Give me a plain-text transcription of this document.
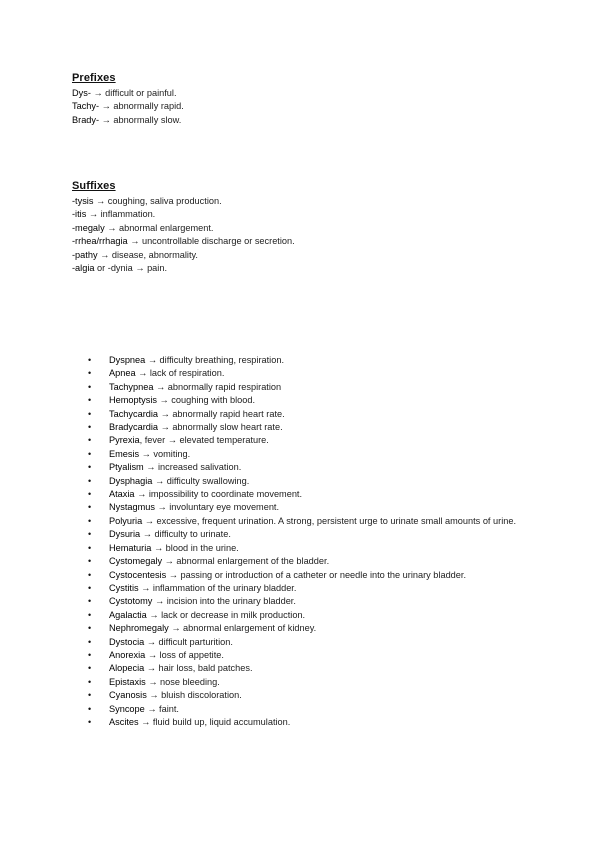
Prefixes
Dys- → difficult or painful.
Tachy- → abnormally rapid.
Brady- → abnormally slow.
Suffixes
-tysis → coughing, saliva production.
-itis → inflammation.
-megaly → abnormal enlargement.
-rrhea/rrhagia → uncontrollable discharge or secretion.
-pathy → disease, abnormality.
-algia or -dynia → pain.
• Dyspnea → difficulty breathing, respiration.
• Apnea → lack of respiration.
• Tachypnea → abnormally rapid respiration
• Hemoptysis → coughing with blood.
• Tachycardia → abnormally rapid heart rate.
• Bradycardia → abnormally slow heart rate.
• Pyrexia, fever → elevated temperature.
• Emesis → vomiting.
• Ptyalism → increased salivation.
• Dysphagia → difficulty swallowing.
• Ataxia → impossibility to coordinate movement.
• Nystagmus → involuntary eye movement.
• Polyuria → excessive, frequent urination. A strong, persistent urge to urinate small amounts of urine.
• Dysuria → difficulty to urinate.
• Hematuria → blood in the urine.
• Cystomegaly → abnormal enlargement of the bladder.
• Cystocentesis → passing or introduction of a catheter or needle into the urinary bladder.
• Cystitis → inflammation of the urinary bladder.
• Cystotomy → incision into the urinary bladder.
• Agalactia → lack or decrease in milk production.
• Nephromegaly → abnormal enlargement of kidney.
• Dystocia → difficult parturition.
• Anorexia → loss of appetite.
• Alopecia → hair loss, bald patches.
• Epistaxis → nose bleeding.
• Cyanosis → bluish discoloration.
• Syncope → faint.
• Ascites → fluid build up, liquid accumulation.
